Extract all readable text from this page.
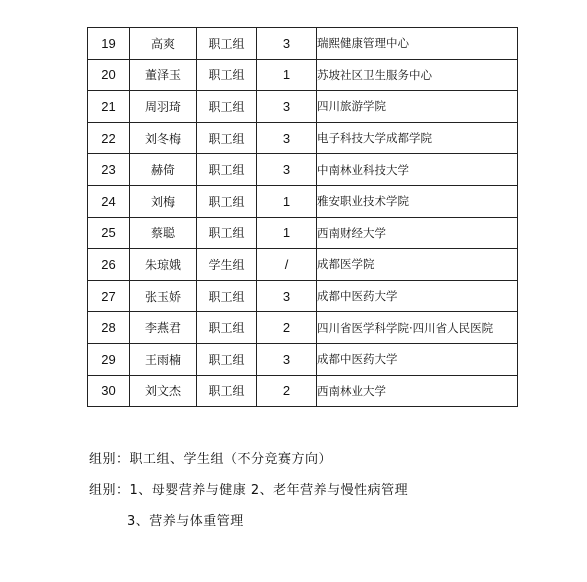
19	高爽	职工组	3	瑞熙健康管理中心
20	董泽玉	职工组	1	苏坡社区卫生服务中心
21	周羽琦	职工组	3	四川旅游学院
22	刘冬梅	职工组	3	电子科技大学成都学院
23	赫倚	职工组	3	中南林业科技大学
24	刘梅	职工组	1	雅安职业技术学院
25	蔡聪	职工组	1	西南财经大学
26	朱琼娥	学生组	/	成都医学院
27	张玉娇	职工组	3	成都中医药大学
28	李燕君	职工组	2	四川省医学科学院·四川省人民医院
29	王雨楠	职工组	3	成都中医药大学
30	刘文杰	职工组	2	西南林业大学
组别：职工组、学生组（不分竞赛方向）
组别：1、母婴营养与健康 2、老年营养与慢性病管理
3、营养与体重管理
